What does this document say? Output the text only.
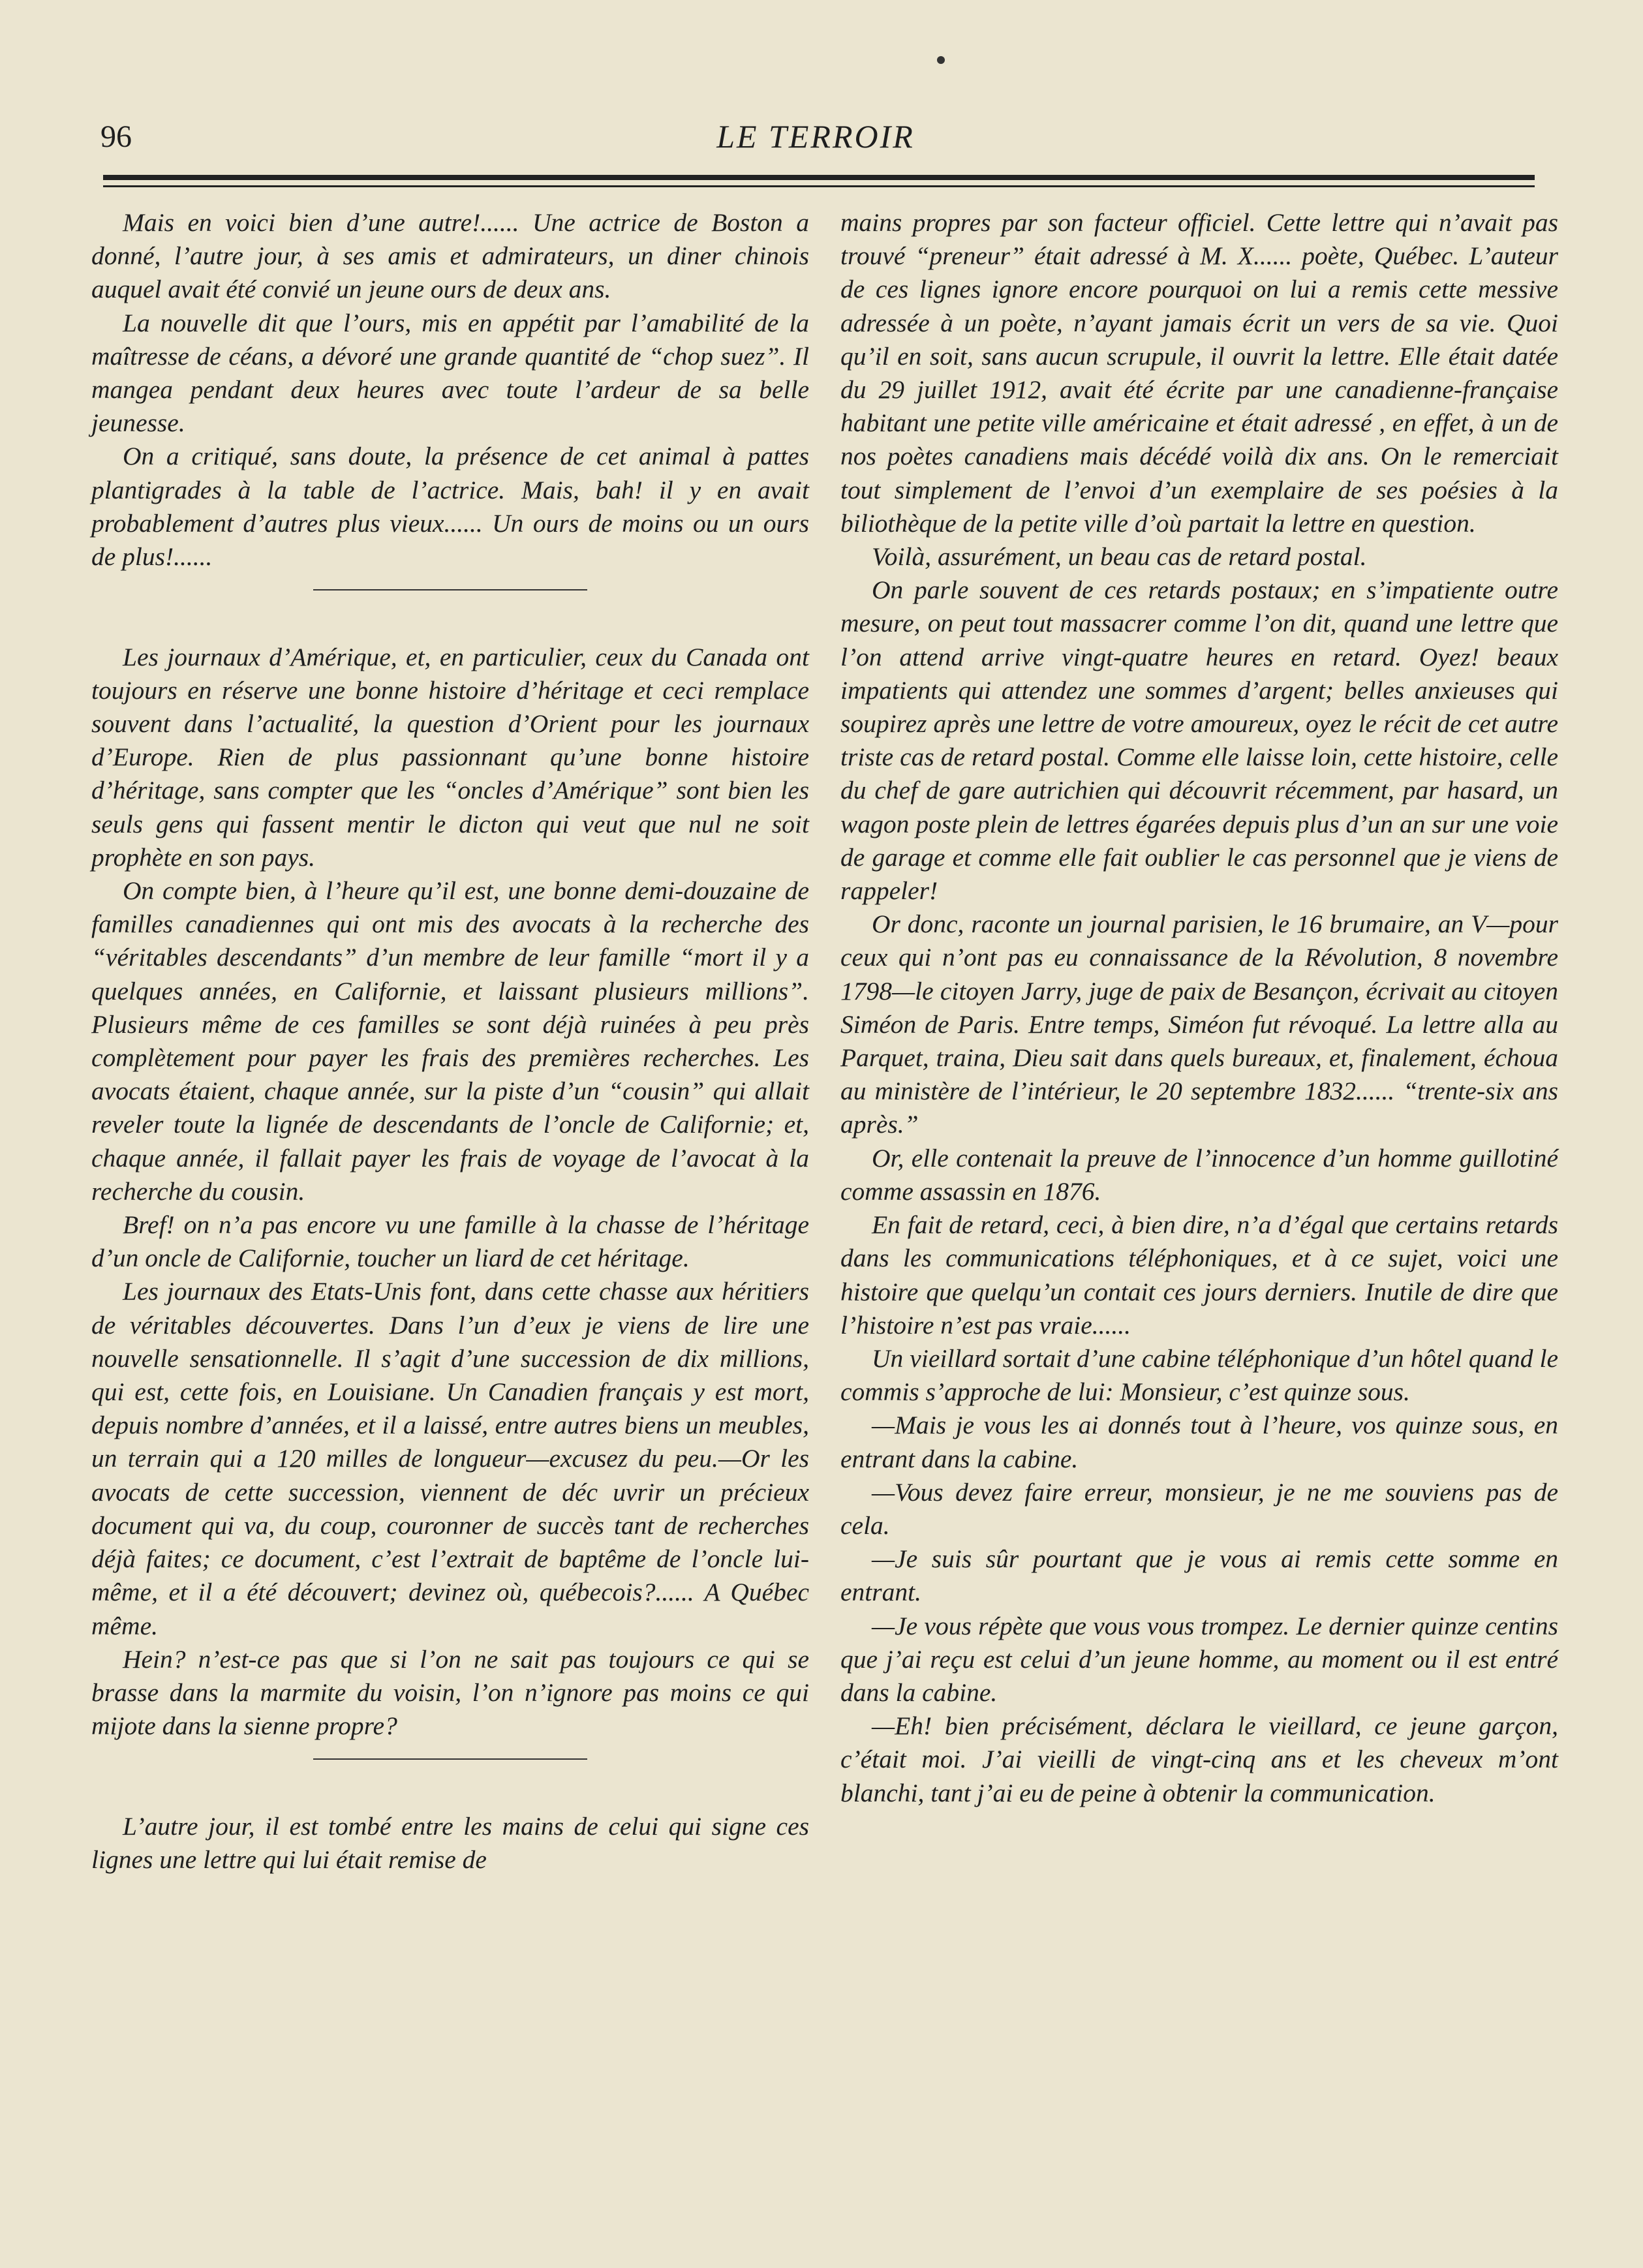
96	LE TERROIR

Mais en voici bien d’une autre!...... Une actrice de Boston a donné, l’autre jour, à ses amis et admirateurs, un diner chinois auquel avait été convié un jeune ours de deux ans.

La nouvelle dit que l’ours, mis en appétit par l’amabilité de la maîtresse de céans, a dévoré une grande quantité de “chop suez”. Il mangea pendant deux heures avec toute l’ardeur de sa belle jeunesse.

On a critiqué, sans doute, la présence de cet animal à pattes plantigrades à la table de l’actrice. Mais, bah! il y en avait probablement d’autres plus vieux...... Un ours de moins ou un ours de plus!......

Les journaux d’Amérique, et, en particulier, ceux du Canada ont toujours en réserve une bonne histoire d’héritage et ceci remplace souvent dans l’actualité, la question d’Orient pour les journaux d’Europe. Rien de plus passionnant qu’une bonne histoire d’héritage, sans compter que les “oncles d’Amérique” sont bien les seuls gens qui fassent mentir le dicton qui veut que nul ne soit prophète en son pays.

On compte bien, à l’heure qu’il est, une bonne demi-douzaine de familles canadiennes qui ont mis des avocats à la recherche des “véritables descendants” d’un membre de leur famille “mort il y a quelques années, en Californie, et laissant plusieurs millions”. Plusieurs même de ces familles se sont déjà ruinées à peu près complètement pour payer les frais des premières recherches. Les avocats étaient, chaque année, sur la piste d’un “cousin” qui allait reveler toute la lignée de descendants de l’oncle de Californie; et, chaque année, il fallait payer les frais de voyage de l’avocat à la recherche du cousin.

Bref! on n’a pas encore vu une famille à la chasse de l’héritage d’un oncle de Californie, toucher un liard de cet héritage.

Les journaux des Etats-Unis font, dans cette chasse aux héritiers de véritables découvertes. Dans l’un d’eux je viens de lire une nouvelle sensationnelle. Il s’agit d’une succession de dix millions, qui est, cette fois, en Louisiane. Un Canadien français y est mort, depuis nombre d’années, et il a laissé, entre autres biens un meubles, un terrain qui a 120 milles de longueur—excusez du peu.—Or les avocats de cette succession, viennent de déc uvrir un précieux document qui va, du coup, couronner de succès tant de recherches déjà faites; ce document, c’est l’extrait de baptême de l’oncle lui-même, et il a été découvert; devinez où, québecois?...... A Québec même.

Hein? n’est-ce pas que si l’on ne sait pas toujours ce qui se brasse dans la marmite du voisin, l’on n’ignore pas moins ce qui mijote dans la sienne propre?

L’autre jour, il est tombé entre les mains de celui qui signe ces lignes une lettre qui lui était remise de

mains propres par son facteur officiel. Cette lettre qui n’avait pas trouvé “preneur” était adressé à M. X...... poète, Québec. L’auteur de ces lignes ignore encore pourquoi on lui a remis cette messive adressée à un poète, n’ayant jamais écrit un vers de sa vie. Quoi qu’il en soit, sans aucun scrupule, il ouvrit la lettre. Elle était datée du 29 juillet 1912, avait été écrite par une canadienne-française habitant une petite ville américaine et était adressé , en effet, à un de nos poètes canadiens mais décédé voilà dix ans. On le remerciait tout simplement de l’envoi d’un exemplaire de ses poésies à la biliothèque de la petite ville d’où partait la lettre en question.

Voilà, assurément, un beau cas de retard postal.

On parle souvent de ces retards postaux; en s’impatiente outre mesure, on peut tout massacrer comme l’on dit, quand une lettre que l’on attend arrive vingt-quatre heures en retard. Oyez! beaux impatients qui attendez une sommes d’argent; belles anxieuses qui soupirez après une lettre de votre amoureux, oyez le récit de cet autre triste cas de retard postal. Comme elle laisse loin, cette histoire, celle du chef de gare autrichien qui découvrit récemment, par hasard, un wagon poste plein de lettres égarées depuis plus d’un an sur une voie de garage et comme elle fait oublier le cas personnel que je viens de rappeler!

Or donc, raconte un journal parisien, le 16 brumaire, an V—pour ceux qui n’ont pas eu connaissance de la Révolution, 8 novembre 1798—le citoyen Jarry, juge de paix de Besançon, écrivait au citoyen Siméon de Paris. Entre temps, Siméon fut révoqué. La lettre alla au Parquet, traina, Dieu sait dans quels bureaux, et, finalement, échoua au ministère de l’intérieur, le 20 septembre 1832...... “trente-six ans après.”

Or, elle contenait la preuve de l’innocence d’un homme guillotiné comme assassin en 1876.

En fait de retard, ceci, à bien dire, n’a d’égal que certains retards dans les communications téléphoniques, et à ce sujet, voici une histoire que quelqu’un contait ces jours derniers. Inutile de dire que l’histoire n’est pas vraie......

Un vieillard sortait d’une cabine téléphonique d’un hôtel quand le commis s’approche de lui: Monsieur, c’est quinze sous.

—Mais je vous les ai donnés tout à l’heure, vos quinze sous, en entrant dans la cabine.

—Vous devez faire erreur, monsieur, je ne me souviens pas de cela.

—Je suis sûr pourtant que je vous ai remis cette somme en entrant.

—Je vous répète que vous vous trompez. Le dernier quinze centins que j’ai reçu est celui d’un jeune homme, au moment ou il est entré dans la cabine.

—Eh! bien précisément, déclara le vieillard, ce jeune garçon, c’était moi. J’ai vieilli de vingt-cinq ans et les cheveux m’ont blanchi, tant j’ai eu de peine à obtenir la communication.
